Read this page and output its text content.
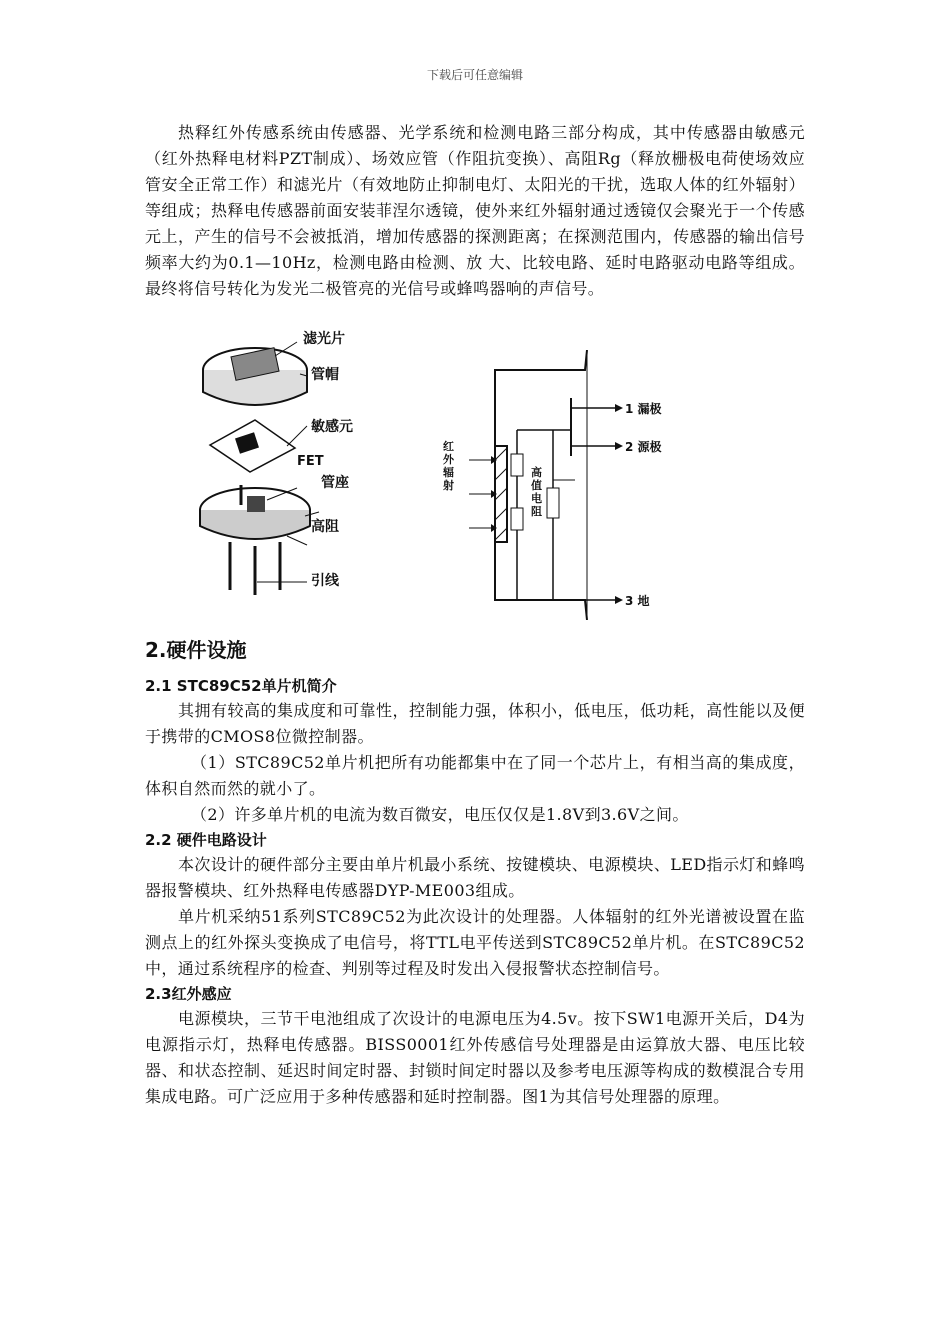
下载后可任意编辑

热释红外传感系统由传感器、光学系统和检测电路三部分构成，其中传感器由敏感元（红外热释电材料PZT制成）、场效应管（作阻抗变换）、高阻Rg（释放栅极电荷使场效应管安全正常工作）和滤光片（有效地防止抑制电灯、太阳光的干扰，选取人体的红外辐射）等组成；热释电传感器前面安装菲涅尔透镜，使外来红外辐射通过透镜仅会聚光于一个传感元上，产生的信号不会被抵消，增加传感器的探测距离；在探测范围内，传感器的输出信号频率大约为0.1—10Hz，检测电路由检测、放 大、比较电路、延时电路驱动电路等组成。最终将信号转化为发光二极管亮的光信号或蜂鸣器响的声信号。

滤光片
管帽
敏感元
FET
管座
高阻
引线
红外辐射
高值电阻
1 漏极
2 源极
3 地
2.硬件设施
2.1 STC89C52单片机简介

其拥有较高的集成度和可靠性，控制能力强，体积小，低电压，低功耗，高性能以及便于携带的CMOS8位微控制器。

（1）STC89C52单片机把所有功能都集中在了同一个芯片上，有相当高的集成度，体积自然而然的就小了。

（2）许多单片机的电流为数百微安，电压仅仅是1.8V到3.6V之间。

2.2 硬件电路设计

本次设计的硬件部分主要由单片机最小系统、按键模块、电源模块、LED指示灯和蜂鸣器报警模块、红外热释电传感器DYP-ME003组成。

单片机采纳51系列STC89C52为此次设计的处理器。人体辐射的红外光谱被设置在监测点上的红外探头变换成了电信号，将TTL电平传送到STC89C52单片机。在STC89C52中，通过系统程序的检查、判别等过程及时发出入侵报警状态控制信号。

2.3红外感应

电源模块，三节干电池组成了次设计的电源电压为4.5v。按下SW1电源开关后，D4为电源指示灯，热释电传感器。BISS0001红外传感信号处理器是由运算放大器、电压比较器、和状态控制、延迟时间定时器、封锁时间定时器以及参考电压源等构成的数模混合专用集成电路。可广泛应用于多种传感器和延时控制器。图1为其信号处理器的原理。
